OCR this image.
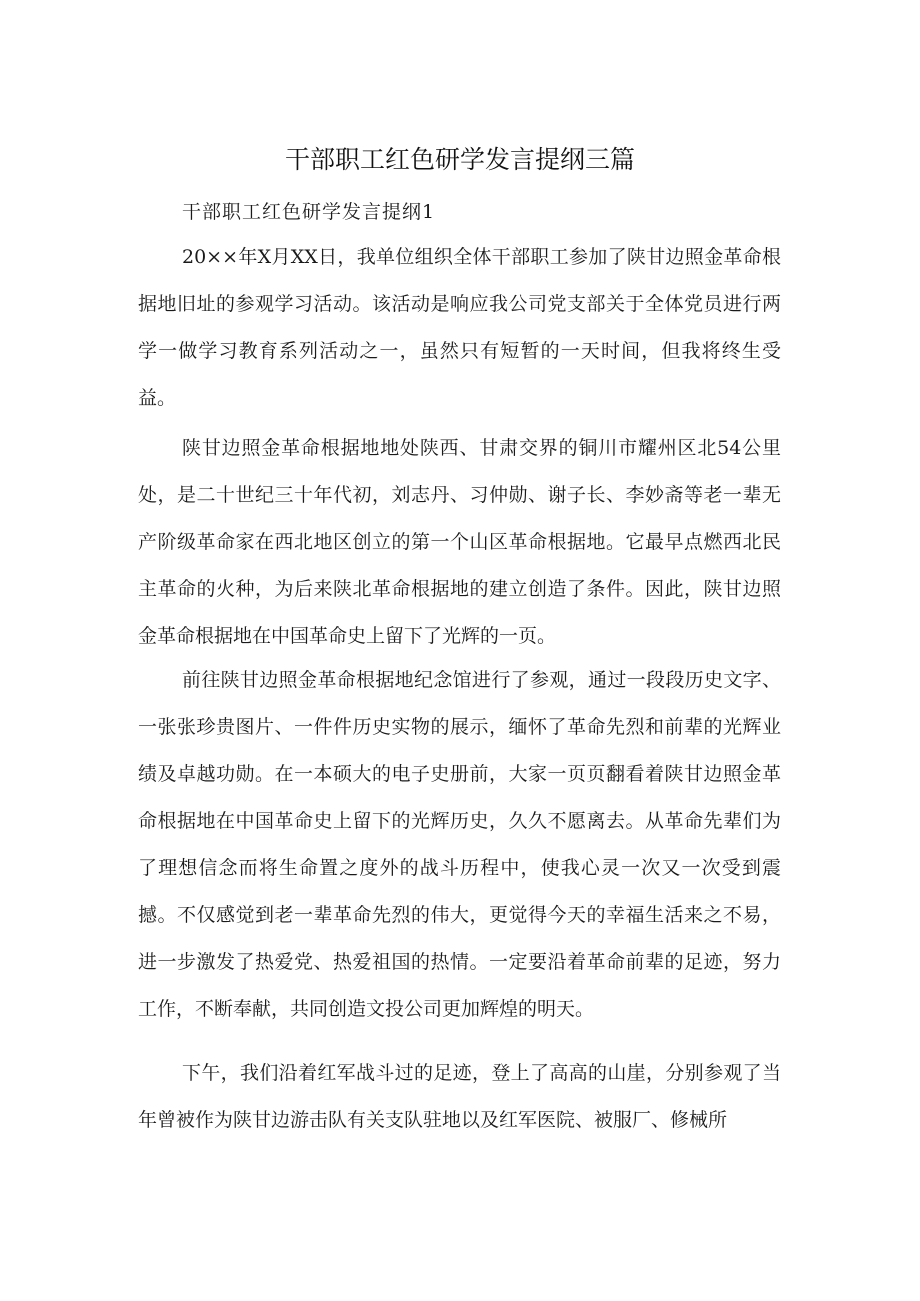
干部职工红色研学发言提纲三篇
干部职工红色研学发言提纲1

20××年X月XX日，我单位组织全体干部职工参加了陕甘边照金革命根据地旧址的参观学习活动。该活动是响应我公司党支部关于全体党员进行两学一做学习教育系列活动之一，虽然只有短暂的一天时间，但我将终生受益。

陕甘边照金革命根据地地处陕西、甘肃交界的铜川市耀州区北54公里处，是二十世纪三十年代初，刘志丹、习仲勋、谢子长、李妙斋等老一辈无产阶级革命家在西北地区创立的第一个山区革命根据地。它最早点燃西北民主革命的火种，为后来陕北革命根据地的建立创造了条件。因此，陕甘边照金革命根据地在中国革命史上留下了光辉的一页。

前往陕甘边照金革命根据地纪念馆进行了参观，通过一段段历史文字、一张张珍贵图片、一件件历史实物的展示，缅怀了革命先烈和前辈的光辉业绩及卓越功勋。在一本硕大的电子史册前，大家一页页翻看着陕甘边照金革命根据地在中国革命史上留下的光辉历史，久久不愿离去。从革命先辈们为了理想信念而将生命置之度外的战斗历程中，使我心灵一次又一次受到震撼。不仅感觉到老一辈革命先烈的伟大，更觉得今天的幸福生活来之不易，进一步激发了热爱党、热爱祖国的热情。一定要沿着革命前辈的足迹，努力工作，不断奉献，共同创造文投公司更加辉煌的明天。

下午，我们沿着红军战斗过的足迹，登上了高高的山崖，分别参观了当年曾被作为陕甘边游击队有关支队驻地以及红军医院、被服厂、修械所
